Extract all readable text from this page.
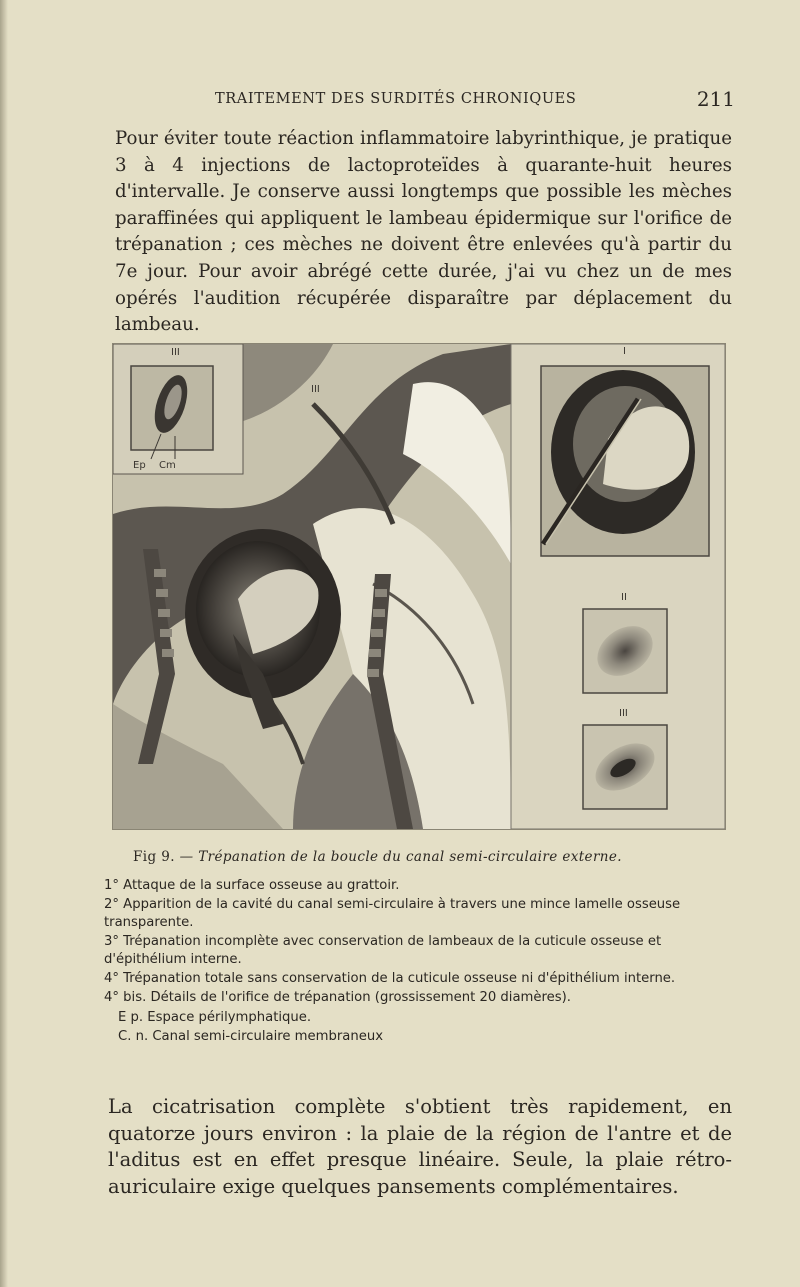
TRAITEMENT DES SURDITÉS CHRONIQUES	211

Pour éviter toute réaction inflammatoire labyrinthique, je pratique 3 à 4 injections de lactoproteïdes à quarante-huit heures d'intervalle. Je conserve aussi longtemps que possible les mèches paraffinées qui appliquent le lambeau épidermique sur l'orifice de trépanation ; ces mèches ne doivent être enlevées qu'à partir du 7e jour. Pour avoir abrégé cette durée, j'ai vu chez un de mes opérés l'audition récupérée disparaître par déplacement du lambeau.

III
III
Ep Cm
I
II
III
Fig 9. — Trépanation de la boucle du canal semi-circulaire externe.
1° Attaque de la surface osseuse au grattoir.
2° Apparition de la cavité du canal semi-circulaire à travers une mince lamelle osseuse transparente.
3° Trépanation incomplète avec conservation de lambeaux de la cuticule osseuse et d'épithélium interne.
4° Trépanation totale sans conservation de la cuticule osseuse ni d'épithélium interne.
4° bis. Détails de l'orifice de trépanation (grossissement 20 diamères).
E p. Espace périlymphatique.
C. n. Canal semi-circulaire membraneux

La cicatrisation complète s'obtient très rapidement, en quatorze jours environ : la plaie de la région de l'antre et de l'aditus est en effet presque linéaire. Seule, la plaie rétro-auriculaire exige quelques pansements complémentaires.
